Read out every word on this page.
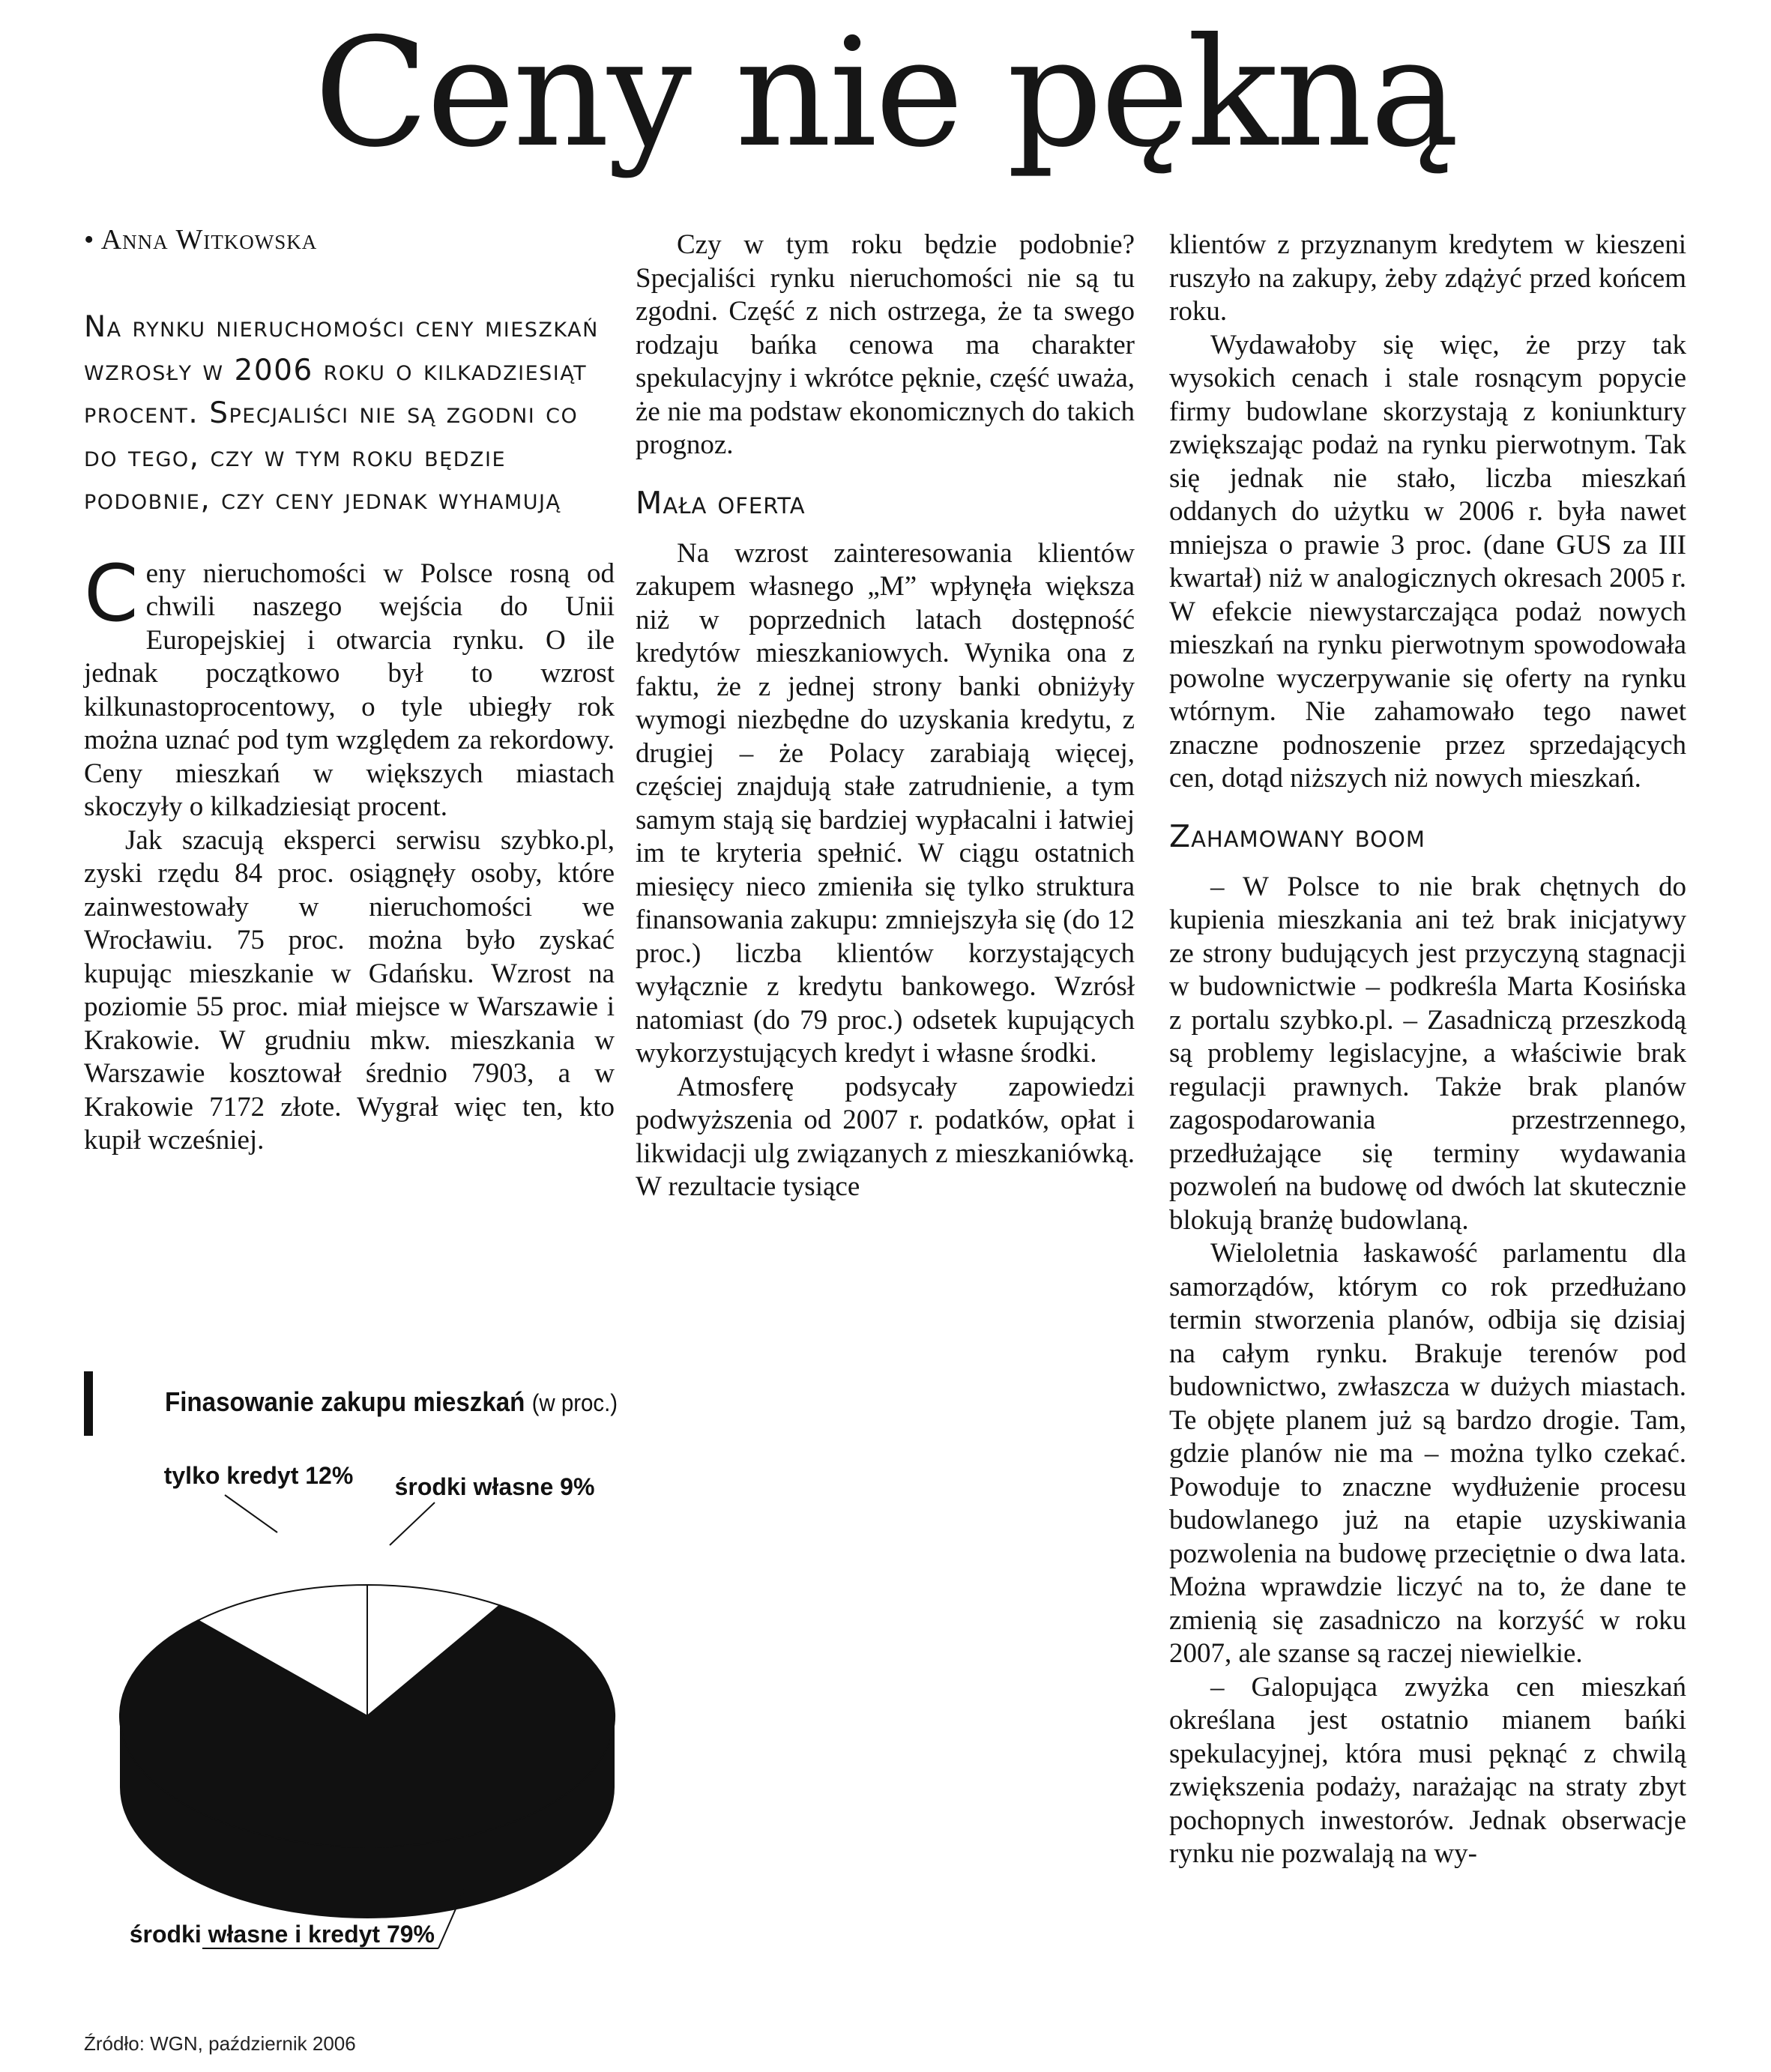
Ceny nie pękną
• Anna Witkowska
Na rynku nieruchomości ceny mieszkań wzrosły w 2006 roku o kilkadziesiąt procent. Specjaliści nie są zgodni co do tego, czy w tym roku będzie podobnie, czy ceny jednak wyhamują

Ceny nieruchomości w Polsce rosną od chwili naszego wejścia do Unii Europejskiej i otwarcia rynku. O ile jednak początkowo był to wzrost kilkunastoprocentowy, o tyle ubiegły rok można uznać pod tym względem za rekordowy. Ceny mieszkań w większych miastach skoczyły o kilkadziesiąt procent.

Jak szacują eksperci serwisu szybko.pl, zyski rzędu 84 proc. osiągnęły osoby, które zainwestowały w nieruchomości we Wrocławiu. 75 proc. można było zyskać kupując mieszkanie w Gdańsku. Wzrost na poziomie 55 proc. miał miejsce w Warszawie i Krakowie. W grudniu mkw. mieszkania w Warszawie kosztował średnio 7903, a w Krakowie 7172 złote. Wygrał więc ten, kto kupił wcześniej.

Czy w tym roku będzie podobnie? Specjaliści rynku nieruchomości nie są tu zgodni. Część z nich ostrzega, że ta swego rodzaju bańka cenowa ma charakter spekulacyjny i wkrótce pęknie, część uważa, że nie ma podstaw ekonomicznych do takich prognoz.

Mała oferta

Na wzrost zainteresowania klientów zakupem własnego „M” wpłynęła większa niż w poprzednich latach dostępność kredytów mieszkaniowych. Wynika ona z faktu, że z jednej strony banki obniżyły wymogi niezbędne do uzyskania kredytu, z drugiej – że Polacy zarabiają więcej, częściej znajdują stałe zatrudnienie, a tym samym stają się bardziej wypłacalni i łatwiej im te kryteria spełnić. W ciągu ostatnich miesięcy nieco zmieniła się tylko struktura finansowania zakupu: zmniejszyła się (do 12 proc.) liczba klientów korzystających wyłącznie z kredytu bankowego. Wzrósł natomiast (do 79 proc.) odsetek kupujących wykorzystujących kredyt i własne środki.

Atmosferę podsycały zapowiedzi podwyższenia od 2007 r. podatków, opłat i likwidacji ulg związanych z mieszkaniówką. W rezultacie tysiące

klientów z przyznanym kredytem w kieszeni ruszyło na zakupy, żeby zdążyć przed końcem roku.

Wydawałoby się więc, że przy tak wysokich cenach i stale rosnącym popycie firmy budowlane skorzystają z koniunktury zwiększając podaż na rynku pierwotnym. Tak się jednak nie stało, liczba mieszkań oddanych do użytku w 2006 r. była nawet mniejsza o prawie 3 proc. (dane GUS za III kwartał) niż w analogicznych okresach 2005 r. W efekcie niewystarczająca podaż nowych mieszkań na rynku pierwotnym spowodowała powolne wyczerpywanie się oferty na rynku wtórnym. Nie zahamowało tego nawet znaczne podnoszenie przez sprzedających cen, dotąd niższych niż nowych mieszkań.

Zahamowany boom

– W Polsce to nie brak chętnych do kupienia mieszkania ani też brak inicjatywy ze strony budujących jest przyczyną stagnacji w budownictwie – podkreśla Marta Kosińska z portalu szybko.pl. – Zasadniczą przeszkodą są problemy legislacyjne, a właściwie brak regulacji prawnych. Także brak planów zagospodarowania przestrzennego, przedłużające się terminy wydawania pozwoleń na budowę od dwóch lat skutecznie blokują branżę budowlaną.

Wieloletnia łaskawość parlamentu dla samorządów, którym co rok przedłużano termin stworzenia planów, odbija się dzisiaj na całym rynku. Brakuje terenów pod budownictwo, zwłaszcza w dużych miastach. Te objęte planem już są bardzo drogie. Tam, gdzie planów nie ma – można tylko czekać. Powoduje to znaczne wydłużenie procesu budowlanego już na etapie uzyskiwania pozwolenia na budowę przeciętnie o dwa lata. Można wprawdzie liczyć na to, że dane te zmienią się zasadniczo na korzyść w roku 2007, ale szanse są raczej niewielkie.

– Galopująca zwyżka cen mieszkań określana jest ostatnio mianem bańki spekulacyjnej, która musi pęknąć z chwilą zwiększenia podaży, narażając na straty zbyt pochopnych inwestorów. Jednak obserwacje rynku nie pozwalają na wy-

Finasowanie zakupu mieszkań (w proc.)
tylko kredyt 12% środki własne 9%
środki własne i kredyt 79%
Źródło: WGN, październik 2006
